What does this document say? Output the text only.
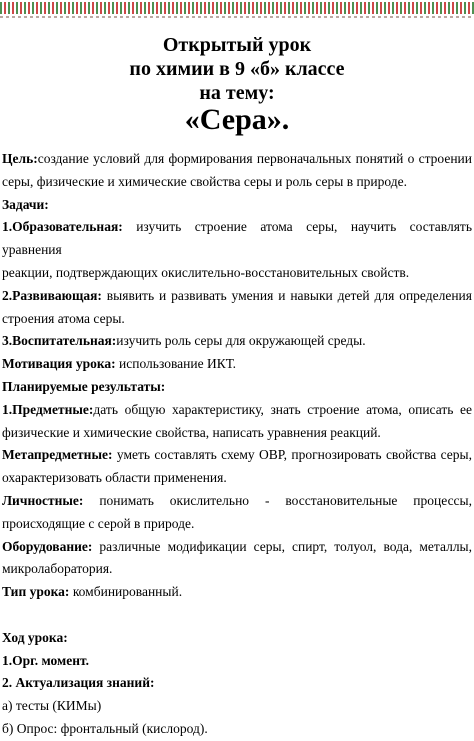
Открытый урок
по химии в 9 «б» классе
на тему:
«Сера».

Цель:создание условий для формирования первоначальных понятий о строении

серы, физические и химические свойства серы и роль серы в природе.

Задачи:

1.Образовательная: изучить строение атома серы, научить составлять уравнения

реакции, подтверждающих окислительно-восстановительных свойств.

2.Развивающая: выявить и развивать умения и навыки детей для определения

строения атома серы.

3.Воспитательная:изучить роль серы для окружающей среды.

Мотивация урока: использование ИКТ.

Планируемые результаты:

1.Предметные:дать общую характеристику, знать строение атома, описать ее

физические и химические свойства, написать уравнения реакций.

Метапредметные: уметь составлять схему ОВР, прогнозировать свойства серы,

охарактеризовать области применения.

Личностные: понимать окислительно - восстановительные процессы,

происходящие с серой в природе.

Оборудование: различные модификации серы, спирт, толуол, вода, металлы,

микролаборатория.

Тип урока: комбинированный.

Ход урока:

1.Орг. момент.

2. Актуализация знаний:

а) тесты (КИМы)

б) Опрос: фронтальный (кислород).
